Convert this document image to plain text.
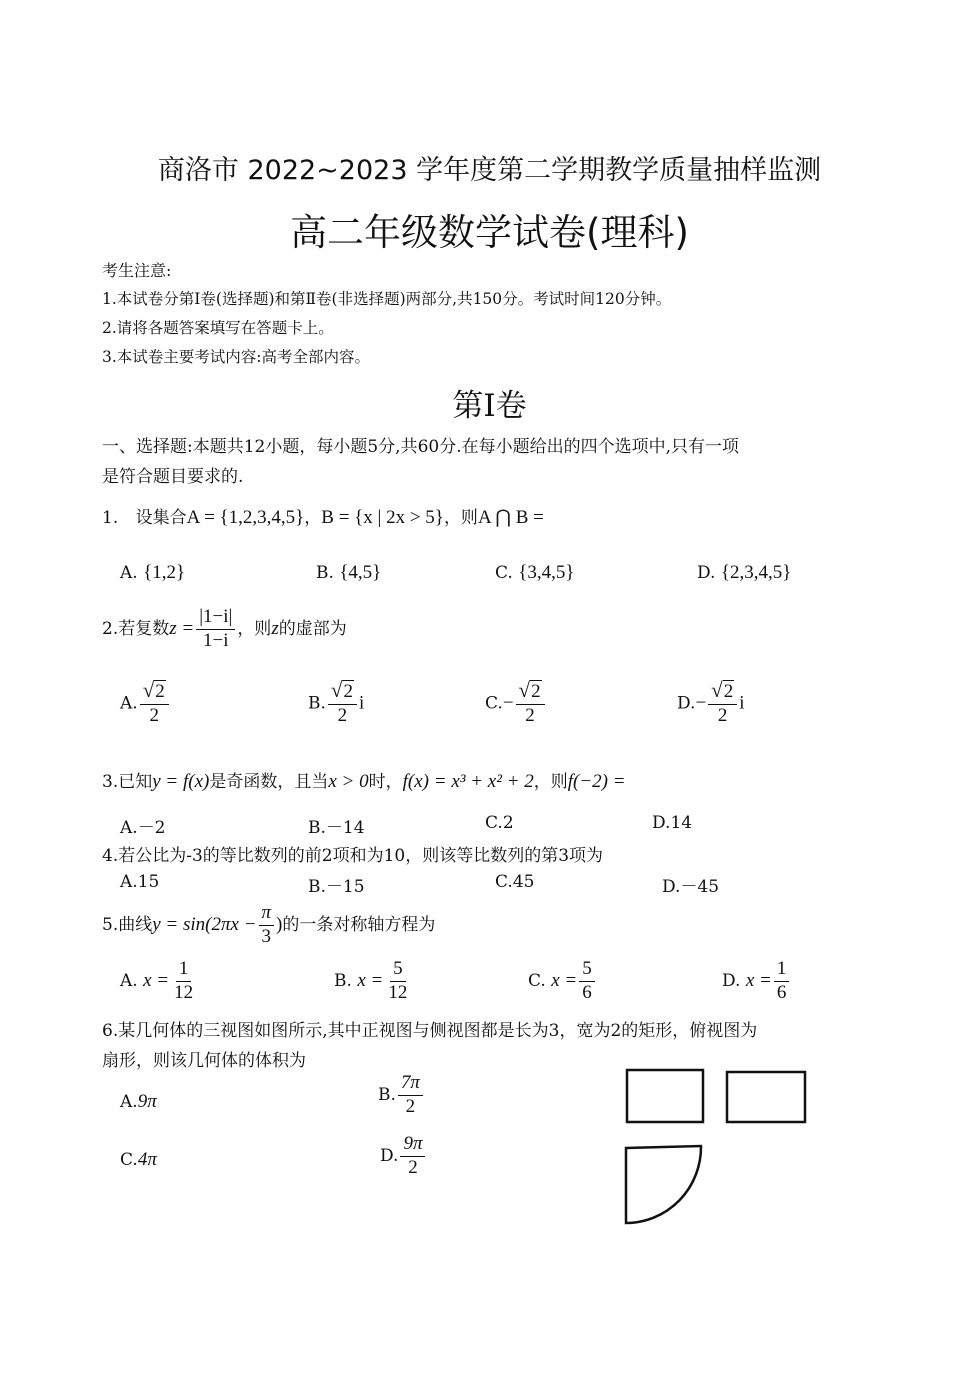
商洛市 2022~2023 学年度第二学期教学质量抽样监测
高二年级数学试卷(理科)
考生注意:
1.本试卷分第Ⅰ卷(选择题)和第Ⅱ卷(非选择题)两部分,共150分。考试时间120分钟。
2.请将各题答案填写在答题卡上。
3.本试卷主要考试内容:高考全部内容。
第Ⅰ卷
一、选择题:本题共12小题，每小题5分,共60分.在每小题给出的四个选项中,只有一项
是符合题目要求的.
1. 设集合A = {1,2,3,4,5}，B = {x | 2x > 5}，则A ⋂ B =
A. {1,2}	B. {4,5}	C. {3,4,5}	D. {2,3,4,5}
2.若复数$z = \frac{|1-i|}{1-i}$ ，则z的虚部为
A. $\frac{√ 2}{2}$	B. $\frac{√ 2}{2}$ i	$C.- \frac{√ 2}{2}$	$D.- \frac{√ 2}{2}$ i
3.已知y = f(x)是奇函数，且当x > 0时，f(x) = x³ + x² + 2，则f(−2) =
A.－2	B.－14	C.2	D.14
4.若公比为-3的等比数列的前2项和为10，则该等比数列的第3项为
A.15	B.－15	C.45	D.－45
5.曲线$y = \sin(2\pi x - \frac{\pi}{3}$ )的一条对称轴方程为
A. $x = \frac{1}{12}$	B. $x = \frac{5}{12}$	C. $x = \frac{5}{6}$	D. $x = \frac{1}{6}$
6.某几何体的三视图如图所示,其中正视图与侧视图都是长为3，宽为2的矩形，俯视图为
扇形，则该几何体的体积为
A.9π	B. $\frac{7\pi}{2}$
C.4π	D. $\frac{9\pi}{2}$
